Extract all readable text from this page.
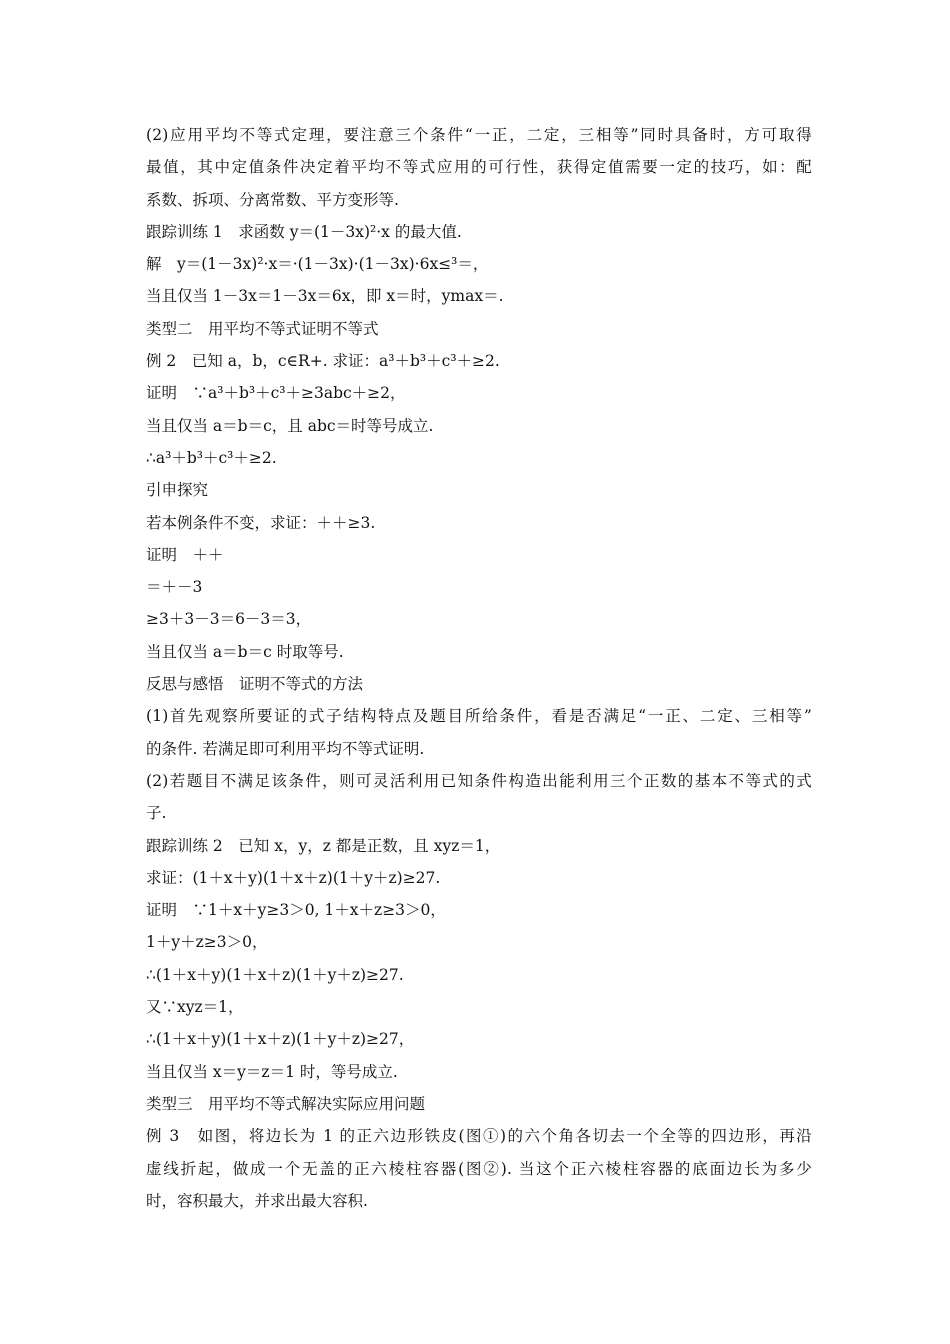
(2)应用平均不等式定理，要注意三个条件“一正，二定，三相等”同时具备时，方可取得
最值，其中定值条件决定着平均不等式应用的可行性，获得定值需要一定的技巧，如：配
系数、拆项、分离常数、平方变形等.
跟踪训练 1　求函数 y＝(1－3x)²·x 的最大值.
解　y＝(1－3x)²·x＝·(1－3x)·(1－3x)·6x≤³＝，
当且仅当 1－3x＝1－3x＝6x，即 x＝时，ymax＝.
类型二　用平均不等式证明不等式
例 2　已知 a，b，c∈R+. 求证：a³＋b³＋c³＋≥2.
证明　∵a³＋b³＋c³＋≥3abc＋≥2，
当且仅当 a＝b＝c，且 abc＝时等号成立.
∴a³＋b³＋c³＋≥2.
引申探究
若本例条件不变，求证：＋＋≥3.
证明　＋＋
＝＋－3
≥3＋3－3＝6－3＝3，
当且仅当 a＝b＝c 时取等号.
反思与感悟　证明不等式的方法
(1)首先观察所要证的式子结构特点及题目所给条件，看是否满足“一正、二定、三相等”
的条件. 若满足即可利用平均不等式证明.
(2)若题目不满足该条件，则可灵活利用已知条件构造出能利用三个正数的基本不等式的式
子.
跟踪训练 2　已知 x，y，z 都是正数，且 xyz＝1，
求证：(1＋x＋y)(1＋x＋z)(1＋y＋z)≥27.
证明　∵1＋x＋y≥3＞0, 1＋x＋z≥3＞0，
1＋y＋z≥3＞0，
∴(1＋x＋y)(1＋x＋z)(1＋y＋z)≥27.
又∵xyz＝1，
∴(1＋x＋y)(1＋x＋z)(1＋y＋z)≥27，
当且仅当 x＝y＝z＝1 时，等号成立.
类型三　用平均不等式解决实际应用问题
例 3　如图，将边长为 1 的正六边形铁皮(图①)的六个角各切去一个全等的四边形，再沿
虚线折起，做成一个无盖的正六棱柱容器(图②). 当这个正六棱柱容器的底面边长为多少
时，容积最大，并求出最大容积.
